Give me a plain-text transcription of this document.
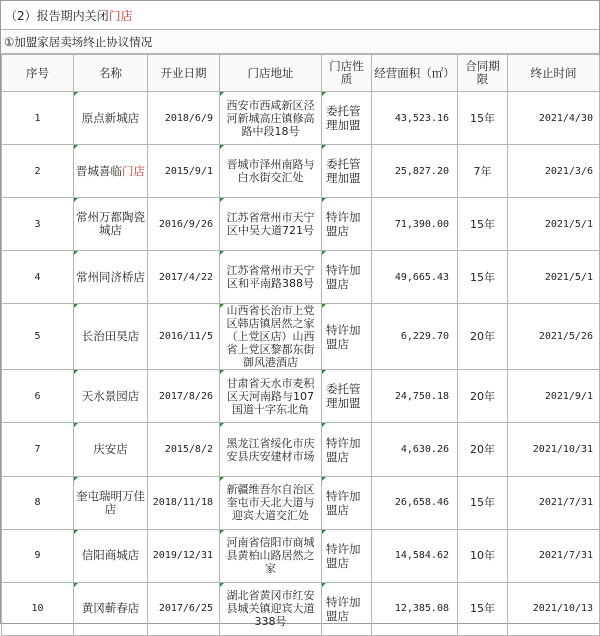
（2）报告期内关闭 门店
①加盟家居卖场终止协议情况
序号	名称	开业日期	门店地址	门店性质	经营面积（㎡）	合同期限	终止时间
1	原点新城店	2018/6/9	西安市西咸新区泾河新城高庄镇修高路中段18号	委托管理加盟	43,523.16	15年	2021/4/30
2	晋城喜临门店	2015/9/1	晋城市泽州南路与白水街交汇处	委托管理加盟	25,827.20	7年	2021/3/6
3	常州万都陶瓷城店	2016/9/26	江苏省常州市天宁区中吴大道721号	特许加盟店	71,390.00	15年	2021/5/1
4	常州同济桥店	2017/4/22	江苏省常州市天宁区和平南路388号	特许加盟店	49,665.43	15年	2021/5/1
5	长治田昊店	2016/11/5	山西省长治市上党区韩店镇居然之家（上党区店）山西省上党区黎都东街御风港酒店	特许加盟店	6,229.70	20年	2021/5/26
6	天水景园店	2017/8/26	甘肃省天水市麦积区天河南路与107国道十字东北角	委托管理加盟	24,750.18	20年	2021/9/1
7	庆安店	2015/8/2	黑龙江省绥化市庆安县庆安建材市场	特许加盟店	4,630.26	20年	2021/10/31
8	奎屯瑞明万佳店	2018/11/18	新疆维吾尔自治区奎屯市天北大道与迎宾大道交汇处	特许加盟店	26,658.46	15年	2021/7/31
9	信阳商城店	2019/12/31	河南省信阳市商城县黄柏山路居然之家	特许加盟店	14,584.62	10年	2021/7/31
10	黄冈蕲春店	2017/6/25	湖北省黄冈市红安县城关镇迎宾大道338号	特许加盟店	12,385.08	15年	2021/10/13
